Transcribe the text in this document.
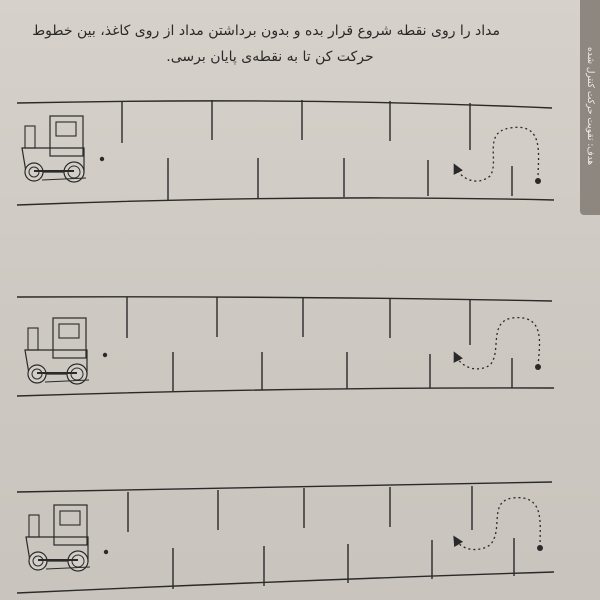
هدف: تقویت حرکت کنترل شده
مداد را روی نقطه شروع قرار بده و بدون برداشتن مداد از روی کاغذ، بین خطوط
حرکت کن تا به نقطه‌ی پایان برسی.
